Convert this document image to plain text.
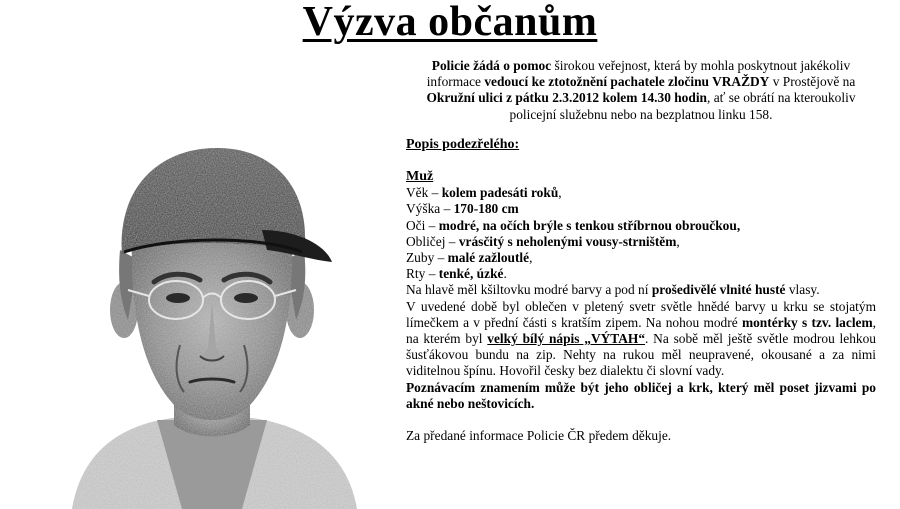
Výzva občanům

Policie žádá o pomoc širokou veřejnost, která by mohla poskytnout jakékoliv informace vedoucí ke ztotožnění pachatele zločinu VRAŽDY v Prostějově na Okružní ulici z pátku 2.3.2012 kolem 14.30 hodin, ať se obrátí na kteroukoliv policejní služebnu nebo na bezplatnou linku 158.

Popis podezřelého:

Muž

Věk – kolem padesáti roků,

Výška – 170-180 cm

Oči – modré, na očích brýle s tenkou stříbrnou obroučkou,

Obličej – vrásčitý s neholenými vousy-strništěm,

Zuby – malé zažloutlé,

Rty – tenké, úzké.

Na hlavě měl kšiltovku modré barvy a pod ní prošedivělé vlnité husté vlasy.

V uvedené době byl oblečen v pletený svetr světle hnědé barvy u krku se stojatým límečkem a v přední části s kratším zipem. Na nohou modré montérky s tzv. laclem, na kterém byl velký bílý nápis „VÝTAH“. Na sobě měl ještě světle modrou lehkou šusťákovou bundu na zip. Nehty na rukou měl neupravené, okousané a za nimi viditelnou špínu. Hovořil česky bez dialektu či slovní vady.

Poznávacím znamením může být jeho obličej a krk, který měl poset jizvami po akné nebo neštovicích.

Za předané informace Policie ČR předem děkuje.
